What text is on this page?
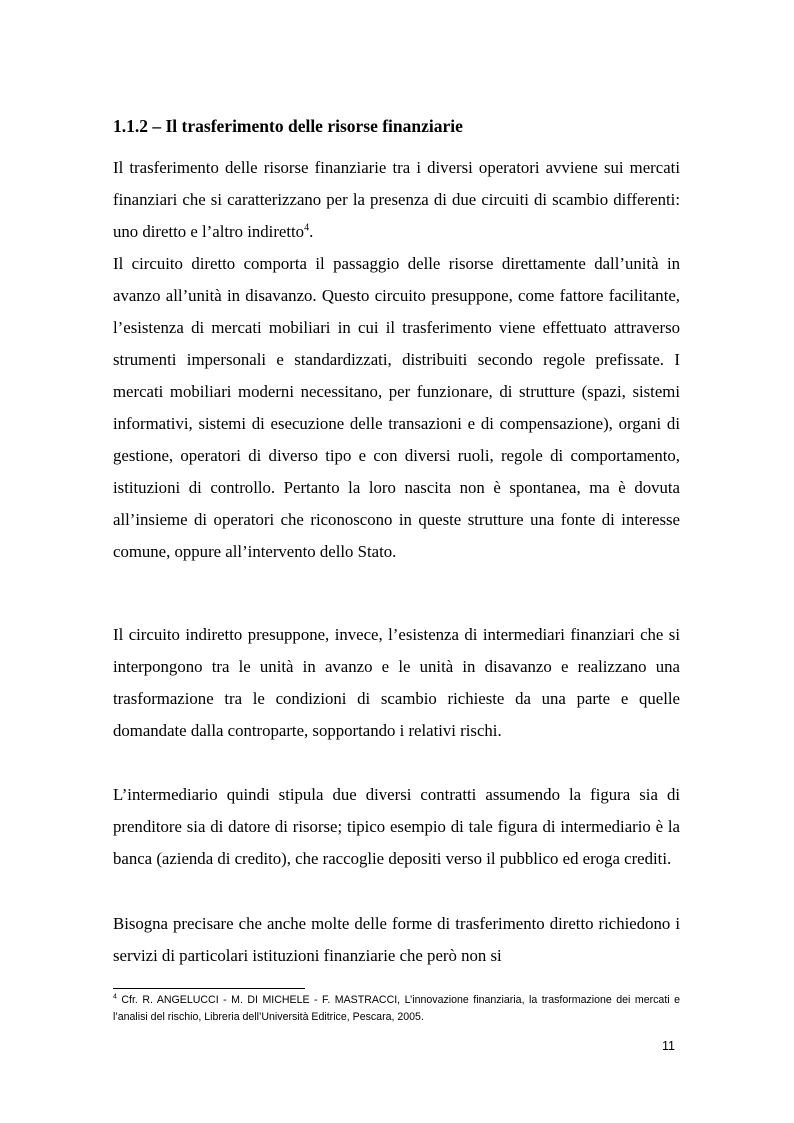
1.1.2 – Il trasferimento delle risorse finanziarie

Il trasferimento delle risorse finanziarie tra i diversi operatori avviene sui mercati finanziari che si caratterizzano per la presenza di due circuiti di scambio differenti: uno diretto e l’altro indiretto$^4$.

Il circuito diretto comporta il passaggio delle risorse direttamente dall’unità in avanzo all’unità in disavanzo. Questo circuito presuppone, come fattore facilitante, l’esistenza di mercati mobiliari in cui il trasferimento viene effettuato attraverso strumenti impersonali e standardizzati, distribuiti secondo regole prefissate. I mercati mobiliari moderni necessitano, per funzionare, di strutture (spazi, sistemi informativi, sistemi di esecuzione delle transazioni e di compensazione), organi di gestione, operatori di diverso tipo e con diversi ruoli, regole di comportamento, istituzioni di controllo. Pertanto la loro nascita non è spontanea, ma è dovuta all’insieme di operatori che riconoscono in queste strutture una fonte di interesse comune, oppure all’intervento dello Stato.

Il circuito indiretto presuppone, invece, l’esistenza di intermediari finanziari che si interpongono tra le unità in avanzo e le unità in disavanzo e realizzano una trasformazione tra le condizioni di scambio richieste da una parte e quelle domandate dalla controparte, sopportando i relativi rischi.

L’intermediario quindi stipula due diversi contratti assumendo la figura sia di prenditore sia di datore di risorse; tipico esempio di tale figura di intermediario è la banca (azienda di credito), che raccoglie depositi verso il pubblico ed eroga crediti.

Bisogna precisare che anche molte delle forme di trasferimento diretto richiedono i servizi di particolari istituzioni finanziarie che però non si

$^4$ Cfr. R. ANGELUCCI - M. DI MICHELE - F. MASTRACCI, L’innovazione finanziaria, la trasformazione dei mercati e l’analisi del rischio, Libreria dell’Università Editrice, Pescara, 2005.
11
